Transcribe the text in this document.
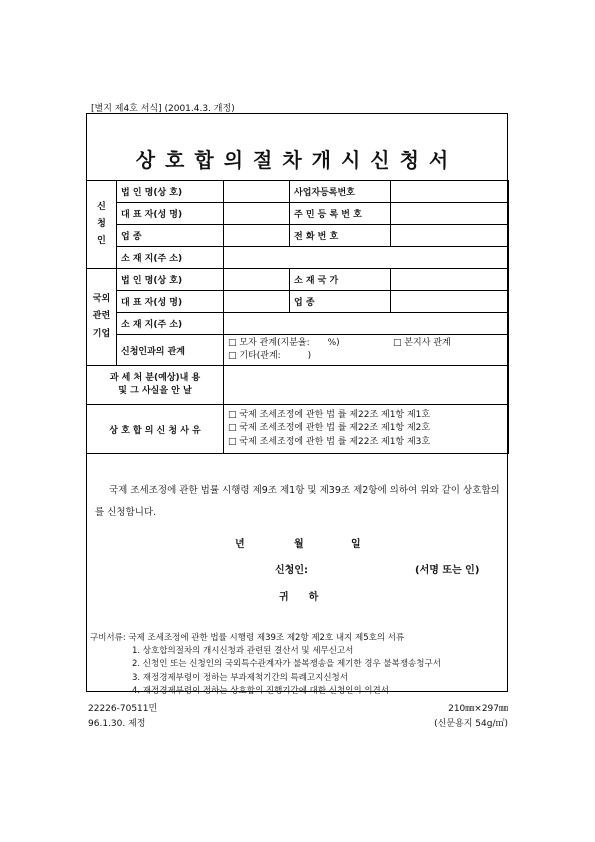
[별지 제4호 서식] (2001.4.3. 개정)
상호합의절차개시신청서
신
청
인	법 인 명(상 호)		사업자등록번호	
	대 표 자(성 명)		주 민 등 록 번 호	
	업 종		전 화 번 호	
	소 재 지(주 소)			

국외
관련
기업	법 인 명(상 호)		소 재 국 가	
	대 표 자(성 명)		업 종	
	소 재 지(주 소)			
	신청인과의 관계	□ 모자 관계(지분율:　　%) □ 본지사 관계
□ 기타(관계:　　　)		

과 세 처 분(예상)내 용
및 그 사실을 안 날				

상 호 합 의 신 청 사 유		□ 국제 조세조정에 관한 법 률 제22조 제1항 제1호
□ 국제 조세조정에 관한 법 률 제22조 제1항 제2호
□ 국제 조세조정에 관한 법 률 제22조 제1항 제3호		
국제 조세조정에 관한 법률 시행령 제9조 제1항 및 제39조 제2항에 의하여 위와 같이 상호합의를 신청합니다.
년	월	일
신청인:	(서명 또는 인)
귀　　하
구비서류: 국제 조세조정에 관한 법률 시행령 제39조 제2항 제2호 내지 제5호의 서류
1. 상호합의절차의 개시신청과 관련된 결산서 및 세무신고서
2. 신청인 또는 신청인의 국외특수관계자가 불복쟁송을 제기한 경우 불복쟁송청구서
3. 재정경제부령이 정하는 부과제척기간의 특례고지신청서
4. 재정경제부령이 정하는 상호합의 진행기간에 대한 신청인의 의견서
22226-70511민
96.1.30. 제정
210㎜×297㎜
(신문용지 54g/㎡)
